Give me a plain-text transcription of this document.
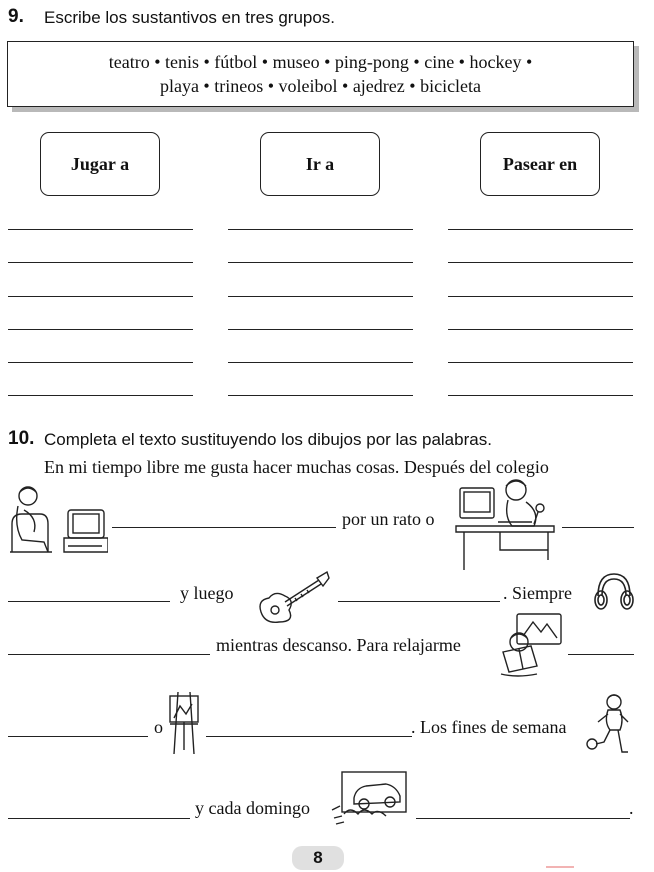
9. Escribe los sustantivos en tres grupos.
teatro • tenis • fútbol • museo • ping-pong • cine • hockey •
playa • trineos • voleibol • ajedrez • bicicleta
Jugar a	Ir a	Pasear en
10. Completa el texto sustituyendo los dibujos por las palabras.
En mi tiempo libre me gusta hacer muchas cosas. Después del colegio
por un rato o
y luego	. Siempre
mientras descanso. Para relajarme
o	. Los fines de semana
y cada domingo	.
8
